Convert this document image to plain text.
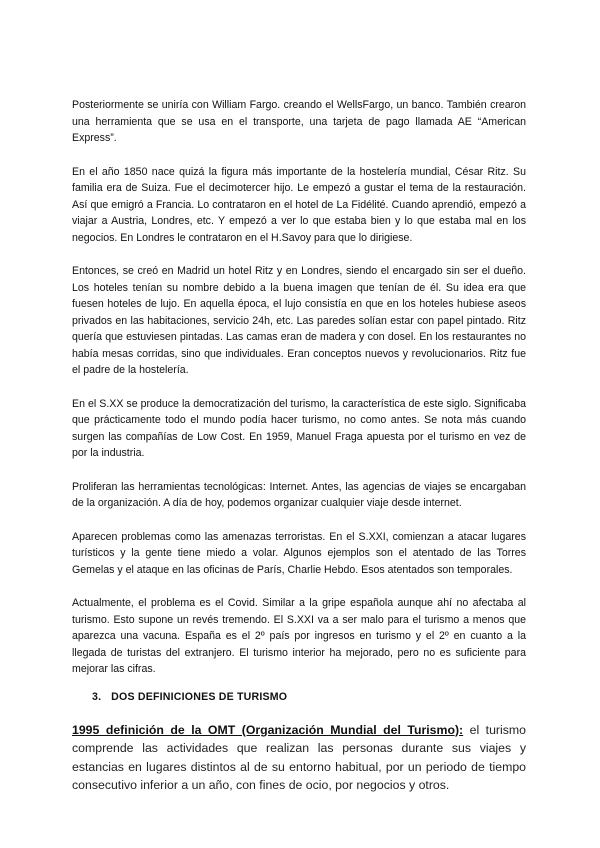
Posteriormente se uniría con William Fargo. creando el WellsFargo, un banco. También crearon una herramienta que se usa en el transporte, una tarjeta de pago llamada AE “American Express”.

En el año 1850 nace quizá la figura más importante de la hostelería mundial, César Ritz. Su familia era de Suiza. Fue el decimotercer hijo. Le empezó a gustar el tema de la restauración. Así que emigró a Francia. Lo contrataron en el hotel de La Fidélité. Cuando aprendió, empezó a viajar a Austria, Londres, etc. Y empezó a ver lo que estaba bien y lo que estaba mal en los negocios. En Londres le contrataron en el H.Savoy para que lo dirigiese.

Entonces, se creó en Madrid un hotel Ritz y en Londres, siendo el encargado sin ser el dueño. Los hoteles tenían su nombre debido a la buena imagen que tenían de él. Su idea era que fuesen hoteles de lujo. En aquella época, el lujo consistía en que en los hoteles hubiese aseos privados en las habitaciones, servicio 24h, etc. Las paredes solían estar con papel pintado. Ritz quería que estuviesen pintadas. Las camas eran de madera y con dosel. En los restaurantes no había mesas corridas, sino que individuales. Eran conceptos nuevos y revolucionarios. Ritz fue el padre de la hostelería.

En el S.XX se produce la democratización del turismo, la característica de este siglo. Significaba que prácticamente todo el mundo podía hacer turismo, no como antes. Se nota más cuando surgen las compañías de Low Cost. En 1959, Manuel Fraga apuesta por el turismo en vez de por la industria.

Proliferan las herramientas tecnológicas: Internet. Antes, las agencias de viajes se encargaban de la organización. A día de hoy, podemos organizar cualquier viaje desde internet.

Aparecen problemas como las amenazas terroristas. En el S.XXI, comienzan a atacar lugares turísticos y la gente tiene miedo a volar. Algunos ejemplos son el atentado de las Torres Gemelas y el ataque en las oficinas de París, Charlie Hebdo. Esos atentados son temporales.

Actualmente, el problema es el Covid. Similar a la gripe española aunque ahí no afectaba al turismo. Esto supone un revés tremendo. El S.XXI va a ser malo para el turismo a menos que aparezca una vacuna. España es el 2º país por ingresos en turismo y el 2º en cuanto a la llegada de turistas del extranjero. El turismo interior ha mejorado, pero no es suficiente para mejorar las cifras.

3. DOS DEFINICIONES DE TURISMO

1995 definición de la OMT (Organización Mundial del Turismo): el turismo comprende las actividades que realizan las personas durante sus viajes y estancias en lugares distintos al de su entorno habitual, por un periodo de tiempo consecutivo inferior a un año, con fines de ocio, por negocios y otros.
